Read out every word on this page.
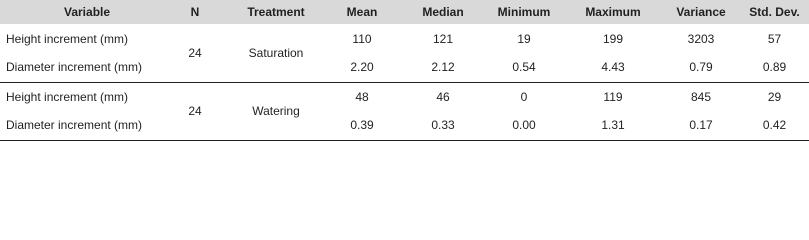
Variable	N	Treatment	Mean	Median	Minimum	Maximum	Variance	Std. Dev.
Height increment (mm)	24	Saturation	110	121	19	199	3203	57
Diameter increment (mm)			2.20	2.12	0.54	4.43	0.79	0.89
Height increment (mm)	24	Watering	48	46	0	119	845	29
Diameter increment (mm)			0.39	0.33	0.00	1.31	0.17	0.42
